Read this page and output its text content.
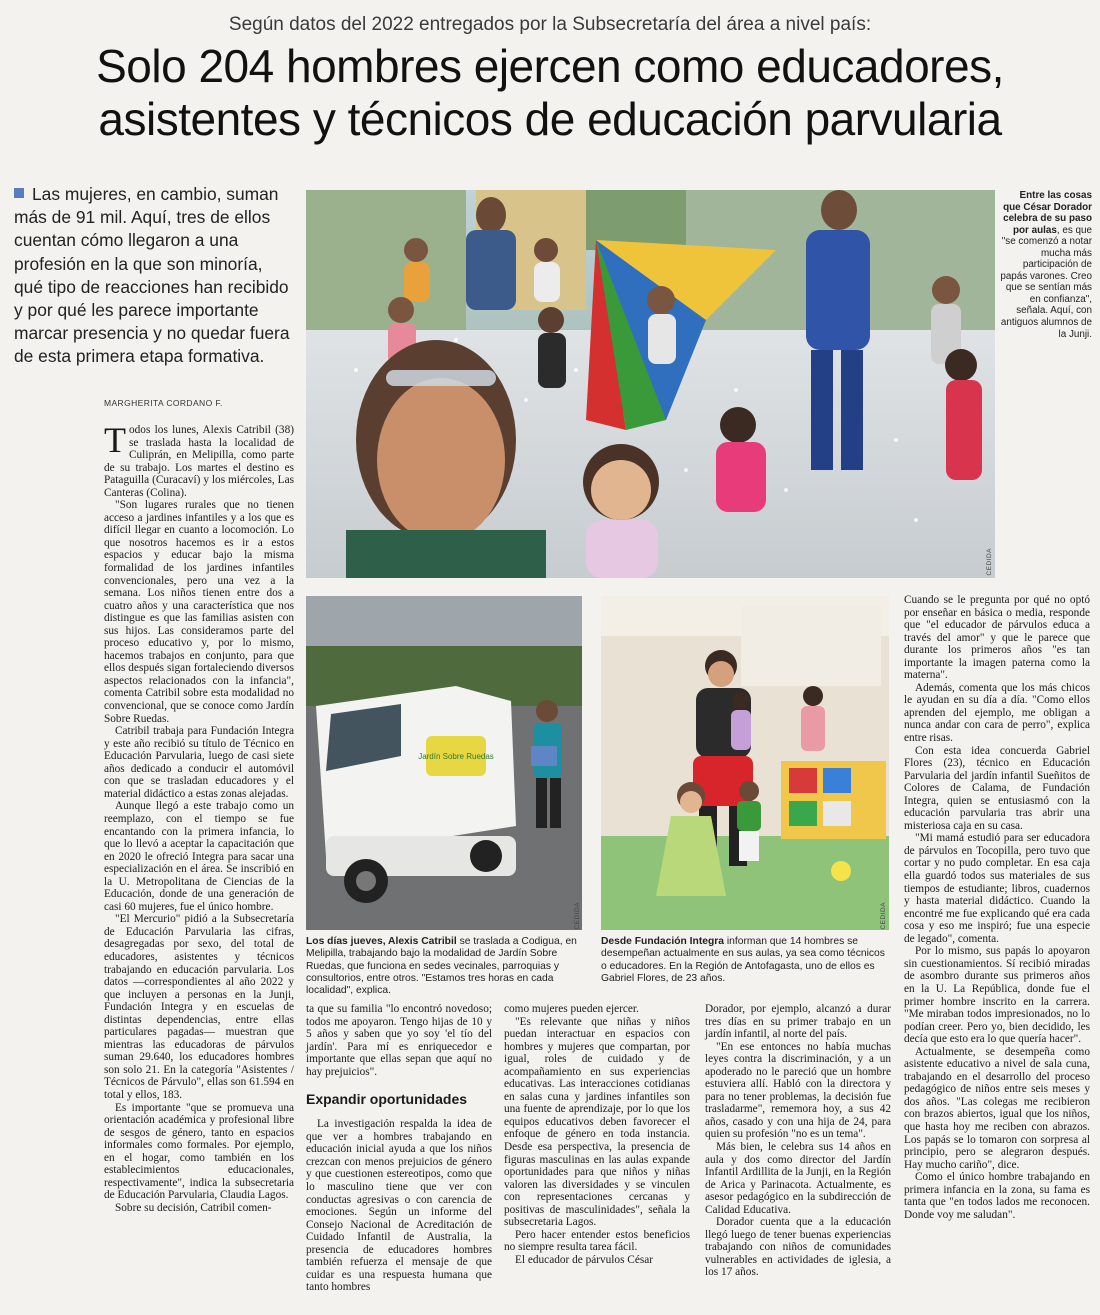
Según datos del 2022 entregados por la Subsecretaría del área a nivel país:
Solo 204 hombres ejercen como educadores,
asistentes y técnicos de educación parvularia
Las mujeres, en cambio, suman más de 91 mil. Aquí, tres de ellos cuentan cómo llegaron a una profesión en la que son minoría, qué tipo de reacciones han recibido y por qué les parece importante marcar presencia y no quedar fuera de esta primera etapa formativa.
MARGHERITA CORDANO F.
CEDIDA
Entre las cosas que César Dorador celebra de su paso por aulas, es que "se comenzó a notar mucha más participación de papás varones. Creo que se sentían más en confianza", señala. Aquí, con antiguos alumnos de la Junji.
Jardín Sobre Ruedas
CEDIDA
Los días jueves, Alexis Catribil se traslada a Codigua, en Melipilla, trabajando bajo la modalidad de Jardín Sobre Ruedas, que funciona en sedes vecinales, parroquias y consultorios, entre otros. "Estamos tres horas en cada localidad", explica.
CEDIDA
Desde Fundación Integra informan que 14 hombres se desempeñan actualmente en sus aulas, ya sea como técnicos o educadores. En la Región de Antofagasta, uno de ellos es Gabriel Flores, de 23 años.

Todos los lunes, Alexis Catribil (38) se traslada hasta la localidad de Culiprán, en Melipilla, como parte de su trabajo. Los martes el destino es Pataguilla (Curacaví) y los miércoles, Las Canteras (Colina).

"Son lugares rurales que no tienen acceso a jardines infantiles y a los que es difícil llegar en cuanto a locomoción. Lo que nosotros hacemos es ir a estos espacios y educar bajo la misma formalidad de los jardines infantiles convencionales, pero una vez a la semana. Los niños tienen entre dos a cuatro años y una característica que nos distingue es que las familias asisten con sus hijos. Las consideramos parte del proceso educativo y, por lo mismo, hacemos trabajos en conjunto, para que ellos después sigan fortaleciendo diversos aspectos relacionados con la infancia", comenta Catribil sobre esta modalidad no convencional, que se conoce como Jardín Sobre Ruedas.

Catribil trabaja para Fundación Integra y este año recibió su título de Técnico en Educación Parvularia, luego de casi siete años dedicado a conducir el automóvil con que se trasladan educadores y el material didáctico a estas zonas alejadas.

Aunque llegó a este trabajo como un reemplazo, con el tiempo se fue encantando con la primera infancia, lo que lo llevó a aceptar la capacitación que en 2020 le ofreció Integra para sacar una especialización en el área. Se inscribió en la U. Metropolitana de Ciencias de la Educación, donde de una generación de casi 60 mujeres, fue el único hombre.

"El Mercurio" pidió a la Subsecretaría de Educación Parvularia las cifras, desagregadas por sexo, del total de educadores, asistentes y técnicos trabajando en educación parvularia. Los datos —correspondientes al año 2022 y que incluyen a personas en la Junji, Fundación Integra y en escuelas de distintas dependencias, entre ellas particulares pagadas— muestran que mientras las educadoras de párvulos suman 29.640, los educadores hombres son solo 21. En la categoría "Asistentes / Técnicos de Párvulo", ellas son 61.594 en total y ellos, 183.

Es importante "que se promueva una orientación académica y profesional libre de sesgos de género, tanto en espacios informales como formales. Por ejemplo, en el hogar, como también en los establecimientos educacionales, respectivamente", indica la subsecretaria de Educación Parvularia, Claudia Lagos.

Sobre su decisión, Catribil comen-

ta que su familia "lo encontró novedoso; todos me apoyaron. Tengo hijas de 10 y 5 años y saben que yo soy 'el tío del jardín'. Para mí es enriquecedor e importante que ellas sepan que aquí no hay prejuicios".

Expandir oportunidades

La investigación respalda la idea de que ver a hombres trabajando en educación inicial ayuda a que los niños crezcan con menos prejuicios de género y que cuestionen estereotipos, como que lo masculino tiene que ver con conductas agresivas o con carencia de emociones. Según un informe del Consejo Nacional de Acreditación de Cuidado Infantil de Australia, la presencia de educadores hombres también refuerza el mensaje de que cuidar es una respuesta humana que tanto hombres

como mujeres pueden ejercer.

"Es relevante que niñas y niños puedan interactuar en espacios con hombres y mujeres que compartan, por igual, roles de cuidado y de acompañamiento en sus experiencias educativas. Las interacciones cotidianas en salas cuna y jardines infantiles son una fuente de aprendizaje, por lo que los equipos educativos deben favorecer el enfoque de género en toda instancia. Desde esa perspectiva, la presencia de figuras masculinas en las aulas expande oportunidades para que niños y niñas valoren las diversidades y se vinculen con representaciones cercanas y positivas de masculinidades", señala la subsecretaria Lagos.

Pero hacer entender estos beneficios no siempre resulta tarea fácil.

El educador de párvulos César

Dorador, por ejemplo, alcanzó a durar tres días en su primer trabajo en un jardín infantil, al norte del país.

"En ese entonces no había muchas leyes contra la discriminación, y a un apoderado no le pareció que un hombre estuviera allí. Habló con la directora y para no tener problemas, la decisión fue trasladarme", rememora hoy, a sus 42 años, casado y con una hija de 24, para quien su profesión "no es un tema".

Más bien, le celebra sus 14 años en aula y dos como director del Jardín Infantil Ardillita de la Junji, en la Región de Arica y Parinacota. Actualmente, es asesor pedagógico en la subdirección de Calidad Educativa.

Dorador cuenta que a la educación llegó luego de tener buenas experiencias trabajando con niños de comunidades vulnerables en actividades de iglesia, a los 17 años.

Cuando se le pregunta por qué no optó por enseñar en básica o media, responde que "el educador de párvulos educa a través del amor" y que le parece que durante los primeros años "es tan importante la imagen paterna como la materna".

Además, comenta que los más chicos le ayudan en su día a día. "Como ellos aprenden del ejemplo, me obligan a nunca andar con cara de perro", explica entre risas.

Con esta idea concuerda Gabriel Flores (23), técnico en Educación Parvularia del jardín infantil Sueñitos de Colores de Calama, de Fundación Integra, quien se entusiasmó con la educación parvularia tras abrir una misteriosa caja en su casa.

"Mi mamá estudió para ser educadora de párvulos en Tocopilla, pero tuvo que cortar y no pudo completar. En esa caja ella guardó todos sus materiales de sus tiempos de estudiante; libros, cuadernos y hasta material didáctico. Cuando la encontré me fue explicando qué era cada cosa y eso me inspiró; fue una especie de legado", comenta.

Por lo mismo, sus papás lo apoyaron sin cuestionamientos. Sí recibió miradas de asombro durante sus primeros años en la U. La República, donde fue el primer hombre inscrito en la carrera. "Me miraban todos impresionados, no lo podían creer. Pero yo, bien decidido, les decía que esto era lo que quería hacer".

Actualmente, se desempeña como asistente educativo a nivel de sala cuna, trabajando en el desarrollo del proceso pedagógico de niños entre seis meses y dos años. "Las colegas me recibieron con brazos abiertos, igual que los niños, que hasta hoy me reciben con abrazos. Los papás se lo tomaron con sorpresa al principio, pero se alegraron después. Hay mucho cariño", dice.

Como el único hombre trabajando en primera infancia en la zona, su fama es tanta que "en todos lados me reconocen. Donde voy me saludan".
